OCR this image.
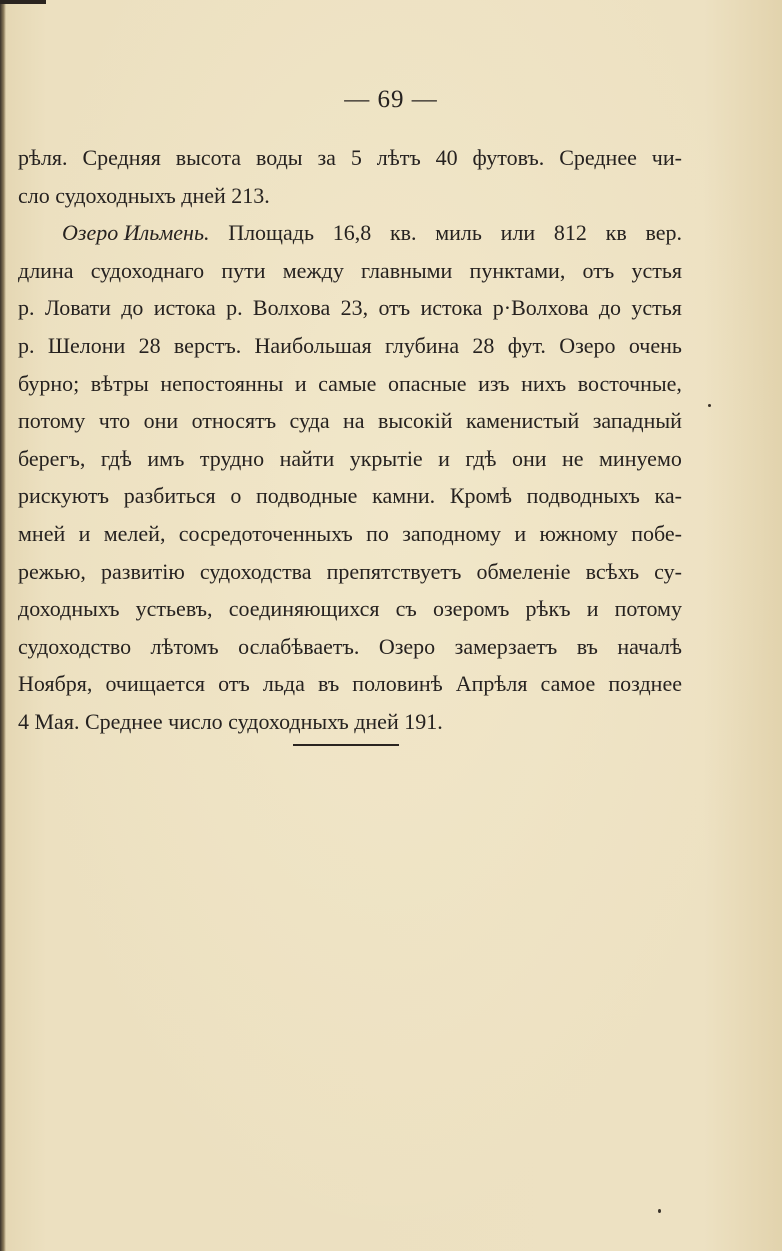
— 69 —
рѣля. Средняя высота воды за 5 лѣтъ 40 футовъ. Среднее чи-
сло судоходныхъ дней 213.
Озеро Ильмень. Площадь 16,8 кв. миль или 812 кв вер.
длина судоходнаго пути между главными пунктами, отъ устья
р. Ловати до истока р. Волхова 23, отъ истока р·Волхова до устья
р. Шелони 28 верстъ. Наибольшая глубина 28 фут. Озеро очень
бурно; вѣтры непостоянны и самые опасные изъ нихъ восточные,
потому что они относятъ суда на высокій каменистый западный
берегъ, гдѣ имъ трудно найти укрытіе и гдѣ они не минуемо
рискуютъ разбиться о подводные камни. Кромѣ подводныхъ ка-
мней и мелей, сосредоточенныхъ по заподному и южному побе-
режью, развитію судоходства препятствуетъ обмеленіе всѣхъ су-
доходныхъ устьевъ, соединяющихся съ озеромъ рѣкъ и потому
судоходство лѣтомъ ослабѣваетъ. Озеро замерзаетъ въ началѣ
Ноября, очищается отъ льда въ половинѣ Апрѣля самое позднее
4 Мая. Среднее число судоходныхъ дней 191.
